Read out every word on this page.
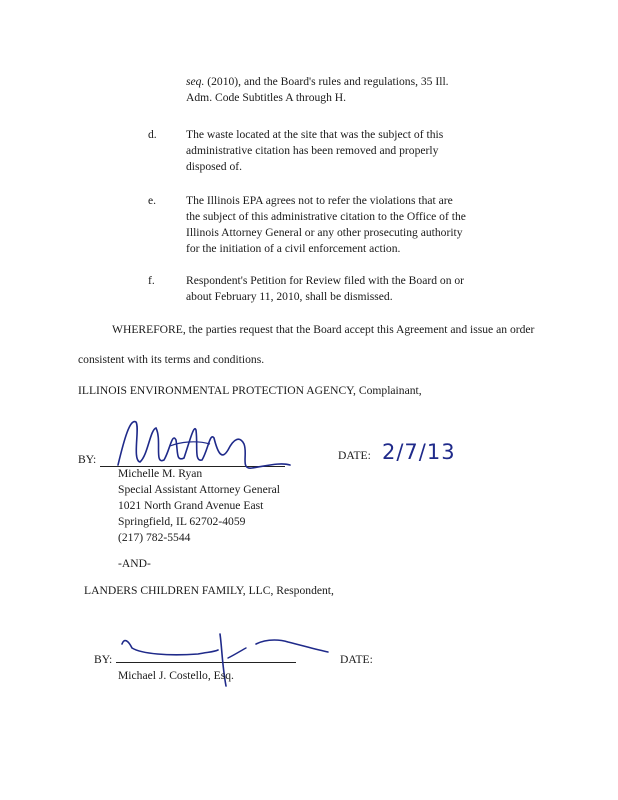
seq. (2010), and the Board's rules and regulations, 35 Ill.
Adm. Code Subtitles A through H.
d.	The waste located at the site that was the subject of this
administrative citation has been removed and properly
disposed of.
e.	The Illinois EPA agrees not to refer the violations that are
the subject of this administrative citation to the Office of the
Illinois Attorney General or any other prosecuting authority
for the initiation of a civil enforcement action.
f.	Respondent's Petition for Review filed with the Board on or
about February 11, 2010, shall be dismissed.
WHEREFORE, the parties request that the Board accept this Agreement and issue an order
consistent with its terms and conditions.
ILLINOIS ENVIRONMENTAL PROTECTION AGENCY, Complainant,
BY:	DATE: 2/7/13
Michelle M. Ryan
Special Assistant Attorney General
1021 North Grand Avenue East
Springfield, IL 62702-4059
(217) 782-5544
-AND-
LANDERS CHILDREN FAMILY, LLC, Respondent,
BY:	DATE:
Michael J. Costello, Esq.
